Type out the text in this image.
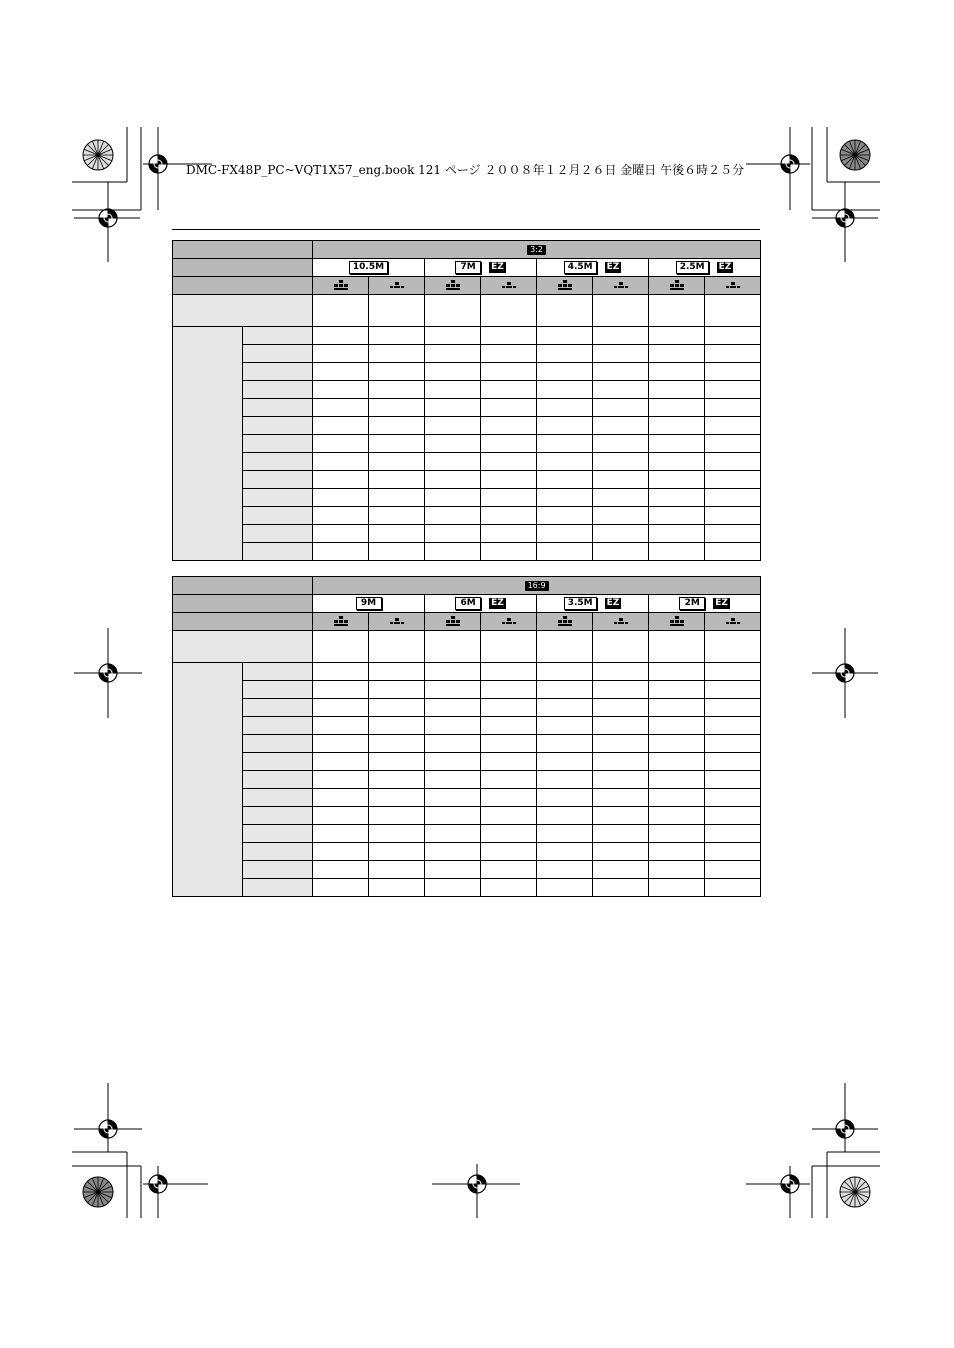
DMC-FX48P_PC~VQT1X57_eng.book 121 ページ ２００８年１２月２６日 金曜日 午後６時２５分
		3:2							
		10.5M		7M EZ		4.5M EZ		2.5M EZ	

		16:9							
		9M		6M EZ		3.5M EZ		2M EZ	
